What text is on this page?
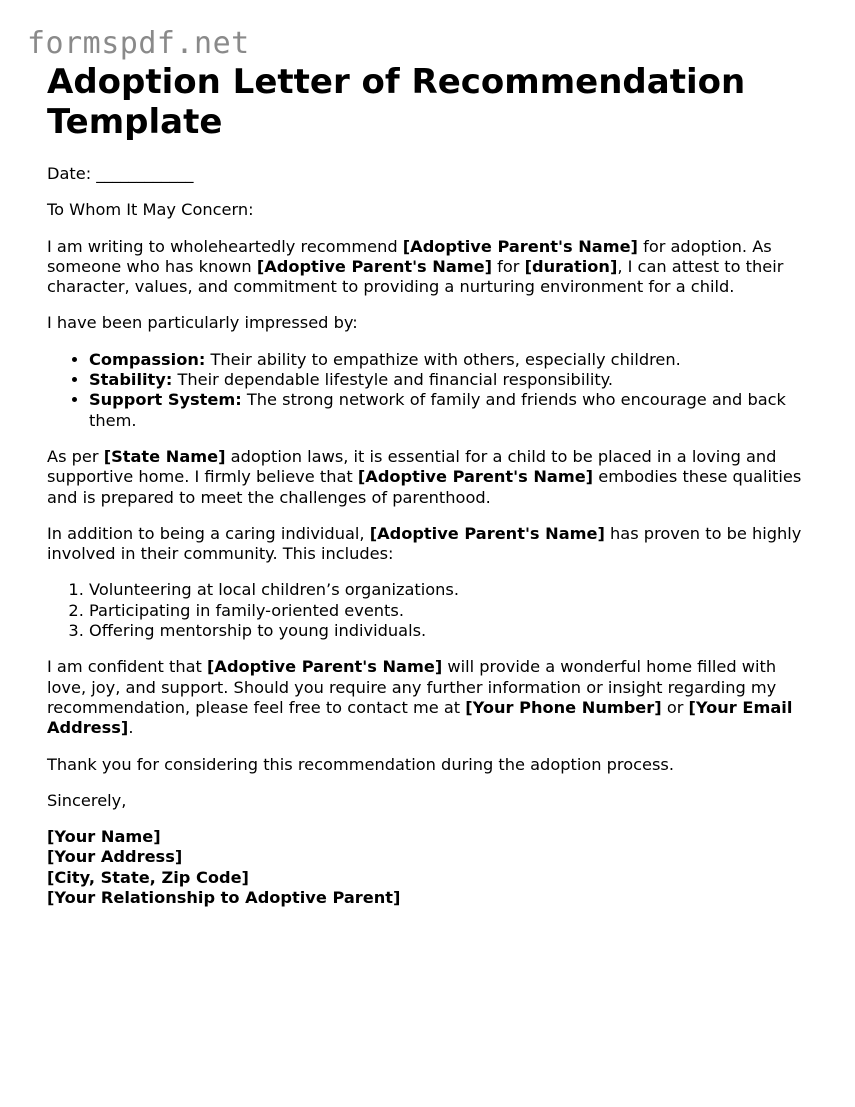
formspdf.net
Adoption Letter of Recommendation Template

Date: ____________

To Whom It May Concern:

I am writing to wholeheartedly recommend [Adoptive Parent's Name] for adoption. As someone who has known [Adoptive Parent's Name] for [duration], I can attest to their character, values, and commitment to providing a nurturing environment for a child.

I have been particularly impressed by:

• Compassion: Their ability to empathize with others, especially children.
• Stability: Their dependable lifestyle and financial responsibility.
• Support System: The strong network of family and friends who encourage and back them.

As per [State Name] adoption laws, it is essential for a child to be placed in a loving and supportive home. I firmly believe that [Adoptive Parent's Name] embodies these qualities and is prepared to meet the challenges of parenthood.

In addition to being a caring individual, [Adoptive Parent's Name] has proven to be highly involved in their community. This includes:

1. Volunteering at local children’s organizations.
2. Participating in family-oriented events.
3. Offering mentorship to young individuals.

I am confident that [Adoptive Parent's Name] will provide a wonderful home filled with love, joy, and support. Should you require any further information or insight regarding my recommendation, please feel free to contact me at [Your Phone Number] or [Your Email Address].

Thank you for considering this recommendation during the adoption process.

Sincerely,

[Your Name]

[Your Address]

[City, State, Zip Code]

[Your Relationship to Adoptive Parent]
